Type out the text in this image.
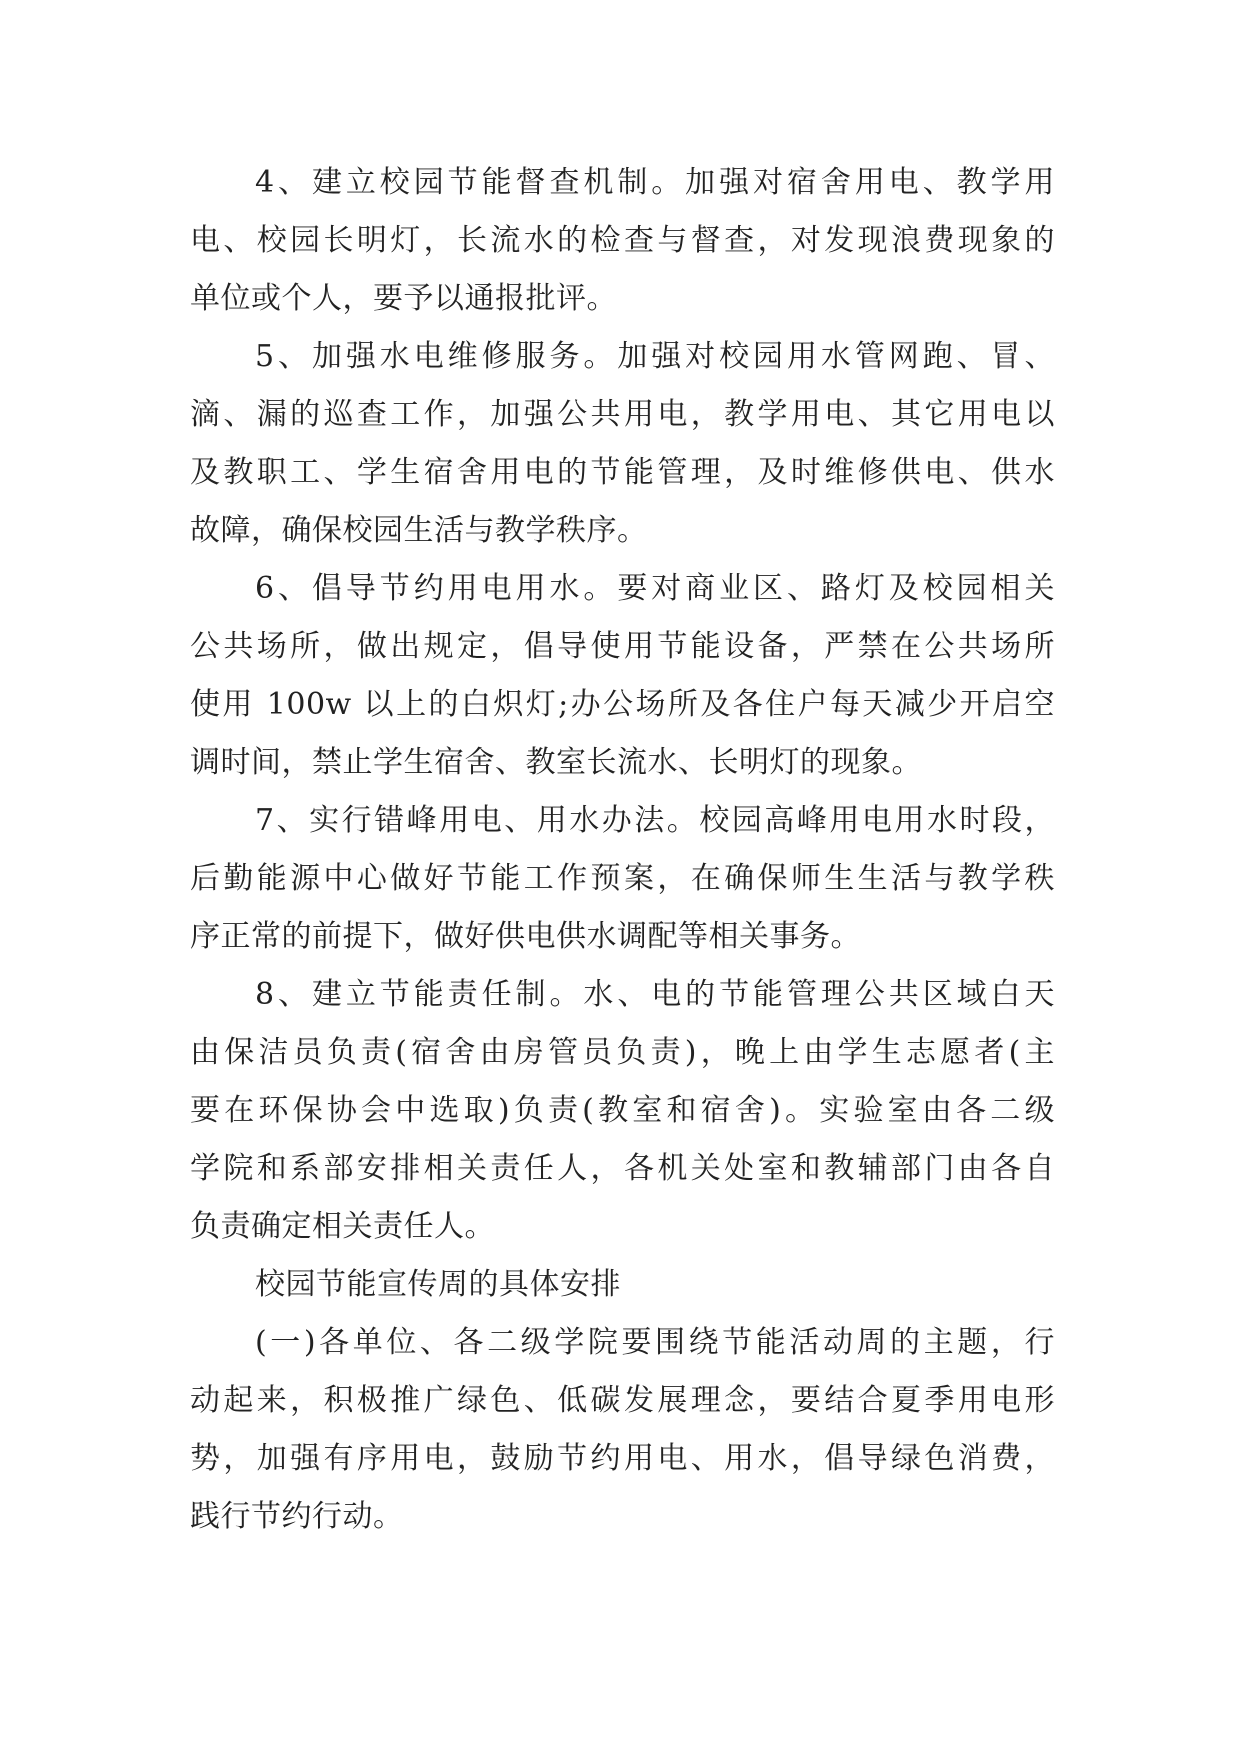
4、建立校园节能督查机制。加强对宿舍用电、教学用
电、校园长明灯，长流水的检查与督查，对发现浪费现象的
单位或个人，要予以通报批评。
5、加强水电维修服务。加强对校园用水管网跑、冒、
滴、漏的巡查工作，加强公共用电，教学用电、其它用电以
及教职工、学生宿舍用电的节能管理，及时维修供电、供水
故障，确保校园生活与教学秩序。
6、倡导节约用电用水。要对商业区、路灯及校园相关
公共场所，做出规定，倡导使用节能设备，严禁在公共场所
使用 100w 以上的白炽灯;办公场所及各住户每天减少开启空
调时间，禁止学生宿舍、教室长流水、长明灯的现象。
7、实行错峰用电、用水办法。校园高峰用电用水时段，
后勤能源中心做好节能工作预案，在确保师生生活与教学秩
序正常的前提下，做好供电供水调配等相关事务。
8、建立节能责任制。水、电的节能管理公共区域白天
由保洁员负责(宿舍由房管员负责)，晚上由学生志愿者(主
要在环保协会中选取)负责(教室和宿舍)。实验室由各二级
学院和系部安排相关责任人，各机关处室和教辅部门由各自
负责确定相关责任人。
校园节能宣传周的具体安排
(一)各单位、各二级学院要围绕节能活动周的主题，行
动起来，积极推广绿色、低碳发展理念，要结合夏季用电形
势，加强有序用电，鼓励节约用电、用水，倡导绿色消费，
践行节约行动。
